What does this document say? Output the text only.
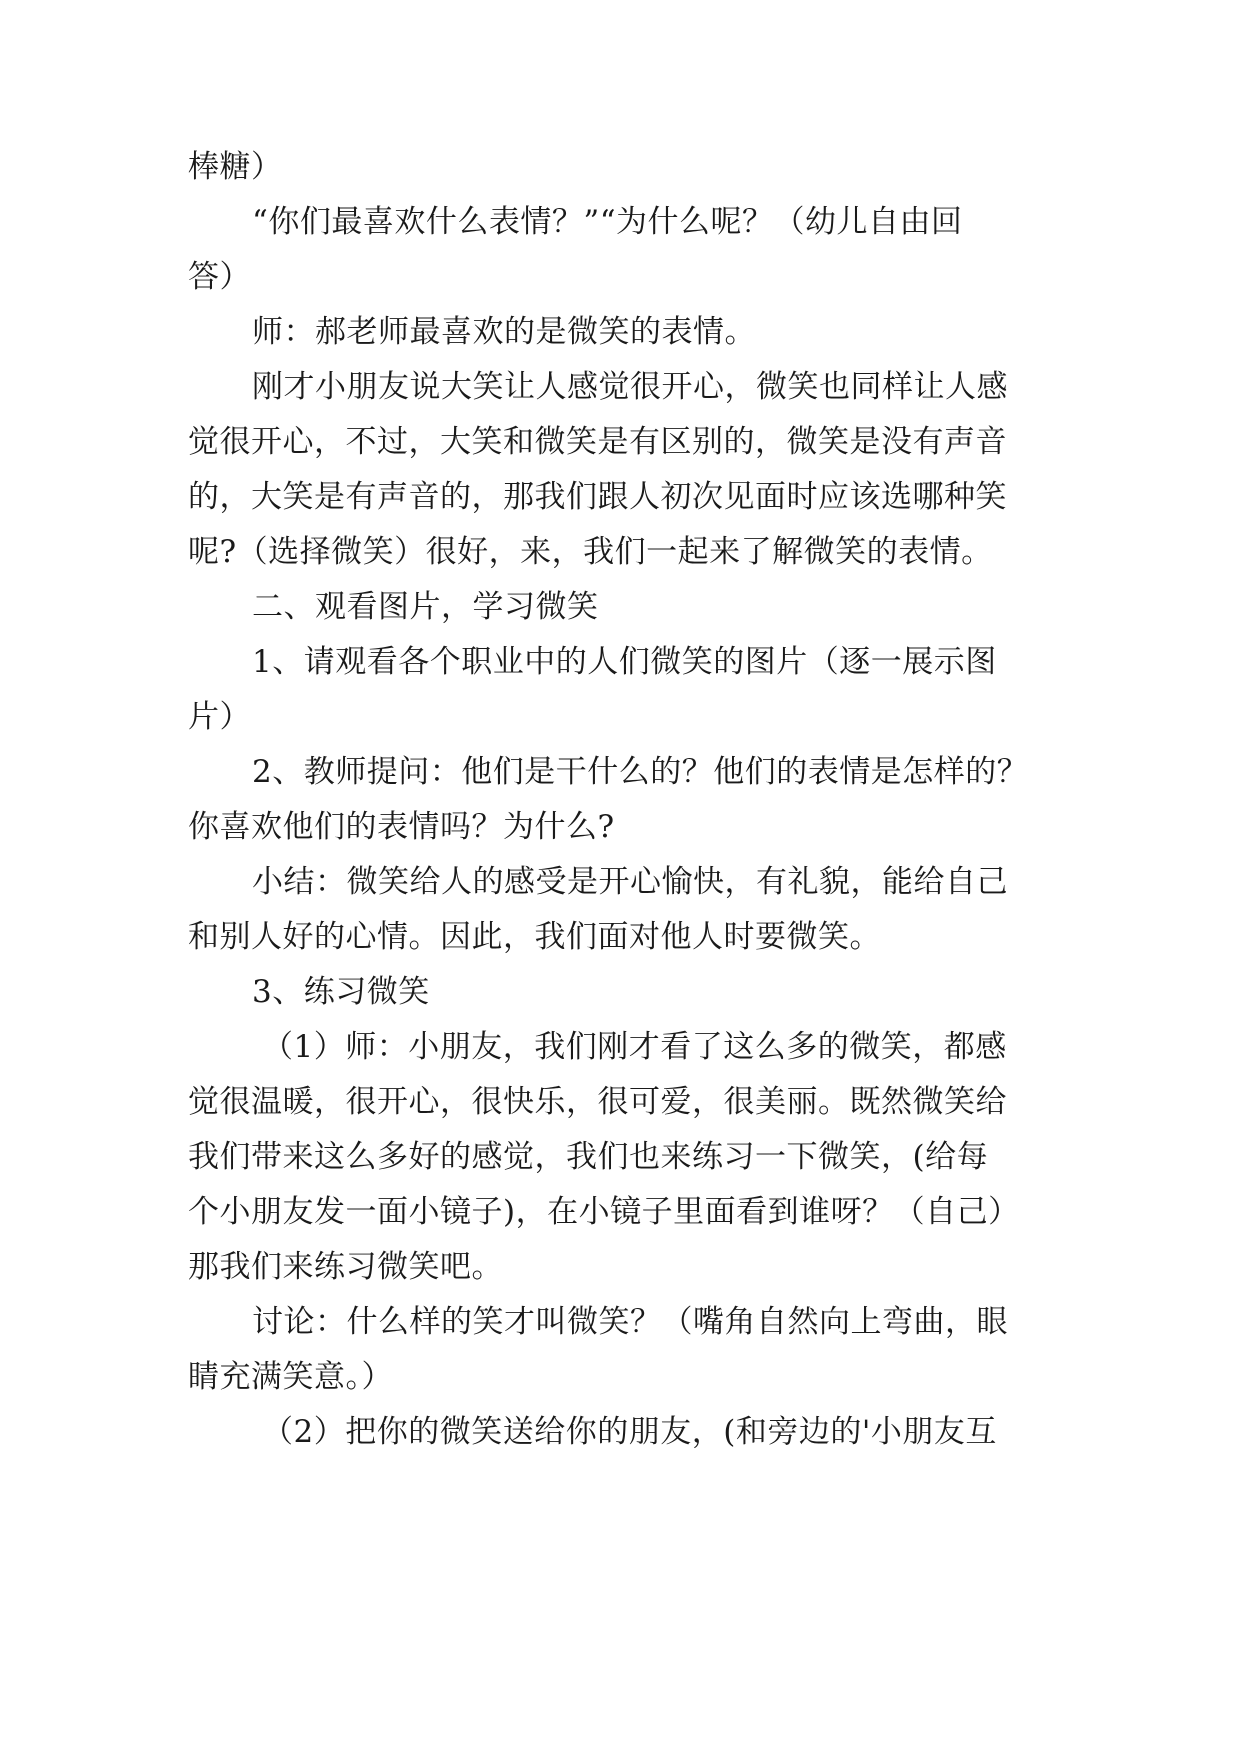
棒糖）
“你们最喜欢什么表情？”“为什么呢？（幼儿自由回
答）
师：郝老师最喜欢的是微笑的表情。
刚才小朋友说大笑让人感觉很开心，微笑也同样让人感
觉很开心，不过，大笑和微笑是有区别的，微笑是没有声音
的，大笑是有声音的，那我们跟人初次见面时应该选哪种笑
呢?（选择微笑）很好，来，我们一起来了解微笑的表情。
二、观看图片，学习微笑
1、请观看各个职业中的人们微笑的图片（逐一展示图
片）
2、教师提问：他们是干什么的？他们的表情是怎样的？
你喜欢他们的表情吗？为什么?
小结：微笑给人的感受是开心愉快，有礼貌，能给自己
和别人好的心情。因此，我们面对他人时要微笑。
3、练习微笑
（1）师：小朋友，我们刚才看了这么多的微笑，都感
觉很温暖，很开心，很快乐，很可爱，很美丽。既然微笑给
我们带来这么多好的感觉，我们也来练习一下微笑，(给每
个小朋友发一面小镜子)，在小镜子里面看到谁呀？（自己）
那我们来练习微笑吧。
讨论：什么样的笑才叫微笑？（嘴角自然向上弯曲，眼
睛充满笑意。）
（2）把你的微笑送给你的朋友，(和旁边的'小朋友互
